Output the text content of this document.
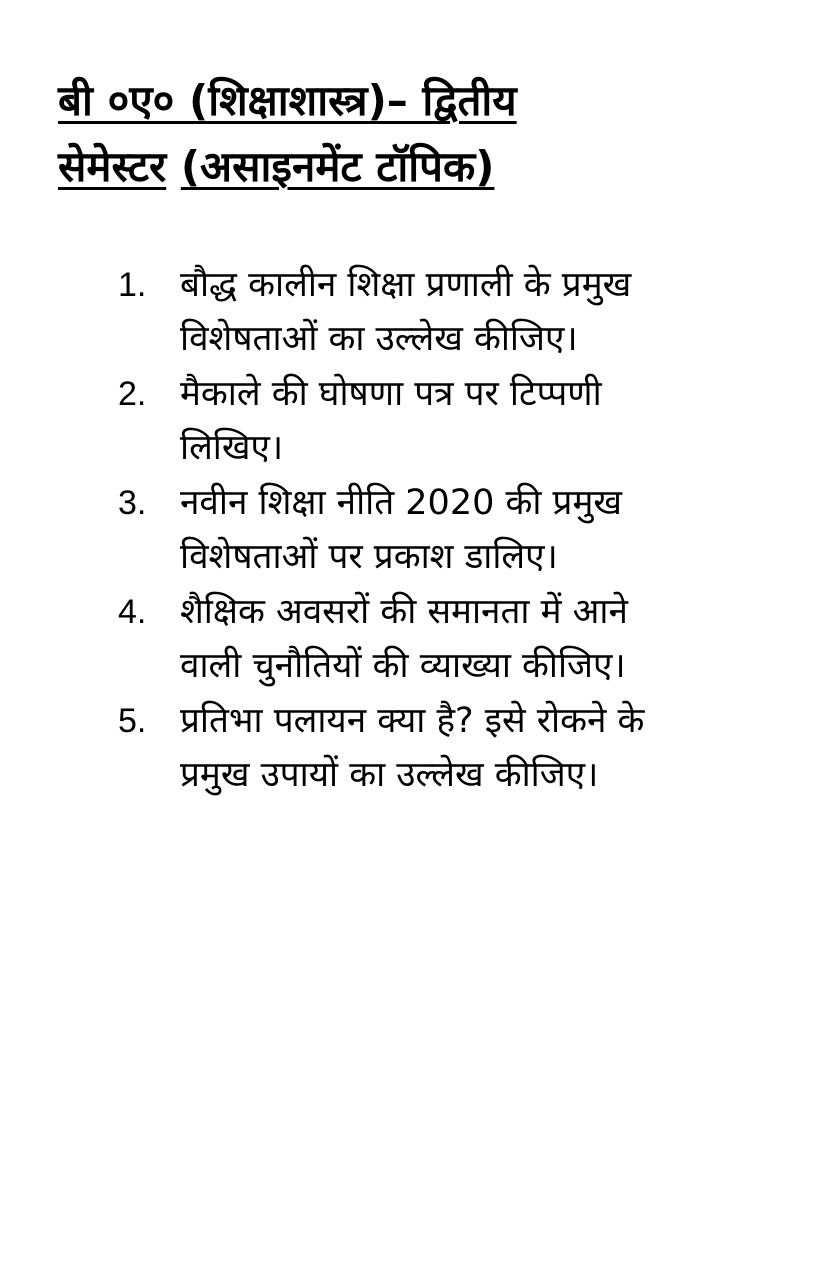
बी ०ए० (शिक्षाशास्त्र)– द्वितीय
सेमेस्टर (असाइनमेंट टॉपिक)
1. बौद्ध कालीन शिक्षा प्रणाली के प्रमुख
विशेषताओं का उल्लेख कीजिए।
2. मैकाले की घोषणा पत्र पर टिप्पणी
लिखिए।
3. नवीन शिक्षा नीति 2020 की प्रमुख
विशेषताओं पर प्रकाश डालिए।
4. शैक्षिक अवसरों की समानता में आने
वाली चुनौतियों की व्याख्या कीजिए।
5. प्रतिभा पलायन क्या है? इसे रोकने के
प्रमुख उपायों का उल्लेख कीजिए।
